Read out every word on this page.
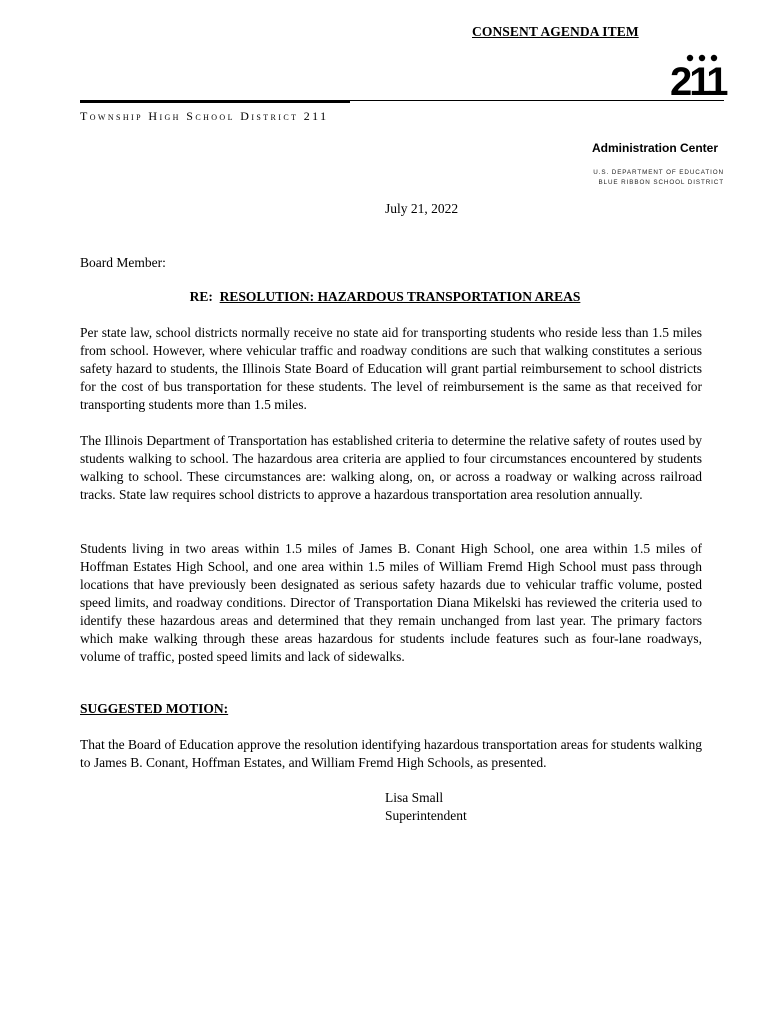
CONSENT AGENDA ITEM
211
Township High School District 211
Administration Center
U.S. DEPARTMENT OF EDUCATION
BLUE RIBBON SCHOOL DISTRICT
July 21, 2022
Board Member:
RE: RESOLUTION: HAZARDOUS TRANSPORTATION AREAS

Per state law, school districts normally receive no state aid for transporting students who reside less than 1.5 miles from school. However, where vehicular traffic and roadway conditions are such that walking constitutes a serious safety hazard to students, the Illinois State Board of Education will grant partial reimbursement to school districts for the cost of bus transportation for these students. The level of reimbursement is the same as that received for transporting students more than 1.5 miles.

The Illinois Department of Transportation has established criteria to determine the relative safety of routes used by students walking to school. The hazardous area criteria are applied to four circumstances encountered by students walking to school. These circumstances are: walking along, on, or across a roadway or walking across railroad tracks. State law requires school districts to approve a hazardous transportation area resolution annually.

Students living in two areas within 1.5 miles of James B. Conant High School, one area within 1.5 miles of Hoffman Estates High School, and one area within 1.5 miles of William Fremd High School must pass through locations that have previously been designated as serious safety hazards due to vehicular traffic volume, posted speed limits, and roadway conditions. Director of Transportation Diana Mikelski has reviewed the criteria used to identify these hazardous areas and determined that they remain unchanged from last year. The primary factors which make walking through these areas hazardous for students include features such as four-lane roadways, volume of traffic, posted speed limits and lack of sidewalks.

SUGGESTED MOTION:

That the Board of Education approve the resolution identifying hazardous transportation areas for students walking to James B. Conant, Hoffman Estates, and William Fremd High Schools, as presented.

Lisa Small
Superintendent
